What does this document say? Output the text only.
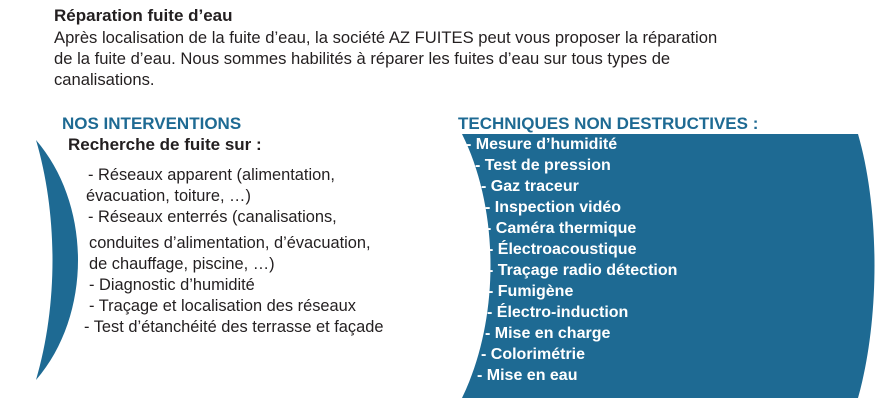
Réparation fuite d’eau
Après localisation de la fuite d’eau, la société AZ FUITES peut vous proposer la réparation
de la fuite d’eau. Nous sommes habilités à réparer les fuites d’eau sur tous types de
canalisations.
NOS INTERVENTIONS
Recherche de fuite sur :
- Réseaux apparent (alimentation,
évacuation, toiture, …)
- Réseaux enterrés (canalisations,
conduites d’alimentation, d’évacuation,
de chauffage, piscine, …)
- Diagnostic d’humidité
- Traçage et localisation des réseaux
- Test d’étanchéité des terrasse et façade
TECHNIQUES NON DESTRUCTIVES :
- Mesure d’humidité
- Test de pression
- Gaz traceur
- Inspection vidéo
- Caméra thermique
- Électroacoustique
- Traçage radio détection
- Fumigène
- Électro-induction
- Mise en charge
- Colorimétrie
- Mise en eau
